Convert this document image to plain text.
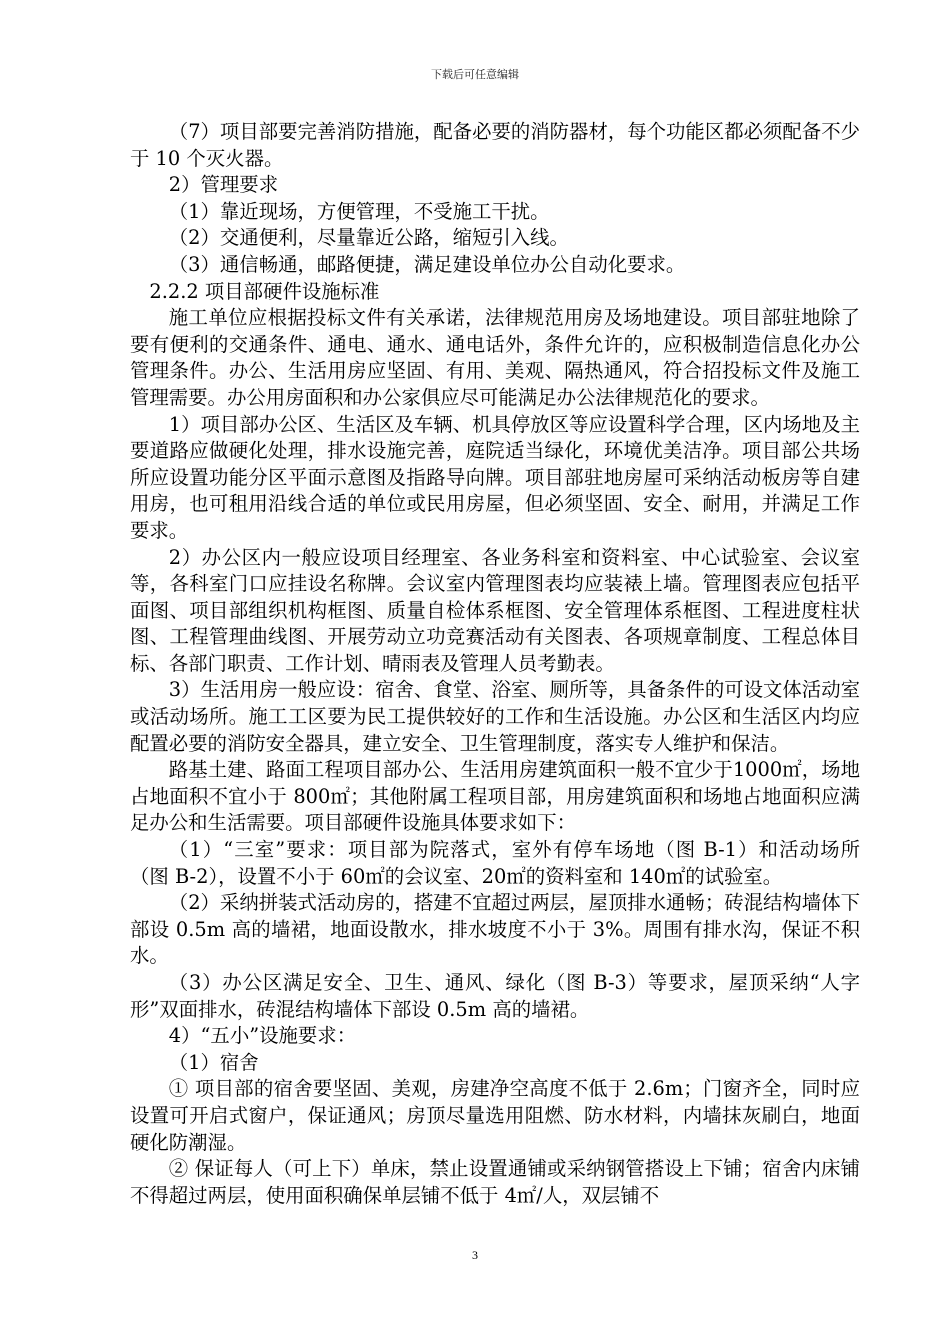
下载后可任意编辑

（7）项目部要完善消防措施，配备必要的消防器材，每个功能区都必须配备不少于 10 个灭火器。

2）管理要求

（1）靠近现场，方便管理，不受施工干扰。

（2）交通便利，尽量靠近公路，缩短引入线。

（3）通信畅通，邮路便捷，满足建设单位办公自动化要求。

2.2.2 项目部硬件设施标准

施工单位应根据投标文件有关承诺，法律规范用房及场地建设。项目部驻地除了要有便利的交通条件、通电、通水、通电话外，条件允许的，应积极制造信息化办公管理条件。办公、生活用房应坚固、有用、美观、隔热通风，符合招投标文件及施工管理需要。办公用房面积和办公家俱应尽可能满足办公法律规范化的要求。

1）项目部办公区、生活区及车辆、机具停放区等应设置科学合理，区内场地及主要道路应做硬化处理，排水设施完善，庭院适当绿化，环境优美洁净。项目部公共场所应设置功能分区平面示意图及指路导向牌。项目部驻地房屋可采纳活动板房等自建用房，也可租用沿线合适的单位或民用房屋，但必须坚固、安全、耐用，并满足工作要求。

2）办公区内一般应设项目经理室、各业务科室和资料室、中心试验室、会议室等，各科室门口应挂设名称牌。会议室内管理图表均应装裱上墙。管理图表应包括平面图、项目部组织机构框图、质量自检体系框图、安全管理体系框图、工程进度柱状图、工程管理曲线图、开展劳动立功竞赛活动有关图表、各项规章制度、工程总体目标、各部门职责、工作计划、晴雨表及管理人员考勤表。

3）生活用房一般应设：宿舍、食堂、浴室、厕所等，具备条件的可设文体活动室或活动场所。施工工区要为民工提供较好的工作和生活设施。办公区和生活区内均应配置必要的消防安全器具，建立安全、卫生管理制度，落实专人维护和保洁。

路基土建、路面工程项目部办公、生活用房建筑面积一般不宜少于1000㎡，场地占地面积不宜小于 800㎡；其他附属工程项目部，用房建筑面积和场地占地面积应满足办公和生活需要。项目部硬件设施具体要求如下：

（1）“三室”要求：项目部为院落式，室外有停车场地（图 B-1）和活动场所（图 B-2），设置不小于 60㎡的会议室、20㎡的资料室和 140㎡的试验室。

（2）采纳拼装式活动房的，搭建不宜超过两层，屋顶排水通畅；砖混结构墙体下部设 0.5m 高的墙裙，地面设散水，排水坡度不小于 3%。周围有排水沟，保证不积水。

（3）办公区满足安全、卫生、通风、绿化（图 B-3）等要求，屋顶采纳“人字形”双面排水，砖混结构墙体下部设 0.5m 高的墙裙。

4）“五小”设施要求：

（1）宿舍

① 项目部的宿舍要坚固、美观，房建净空高度不低于 2.6m；门窗齐全，同时应设置可开启式窗户，保证通风；房顶尽量选用阻燃、防水材料，内墙抹灰刷白，地面硬化防潮湿。

② 保证每人（可上下）单床，禁止设置通铺或采纳钢管搭设上下铺；宿舍内床铺不得超过两层，使用面积确保单层铺不低于 4㎡/人，双层铺不

3
